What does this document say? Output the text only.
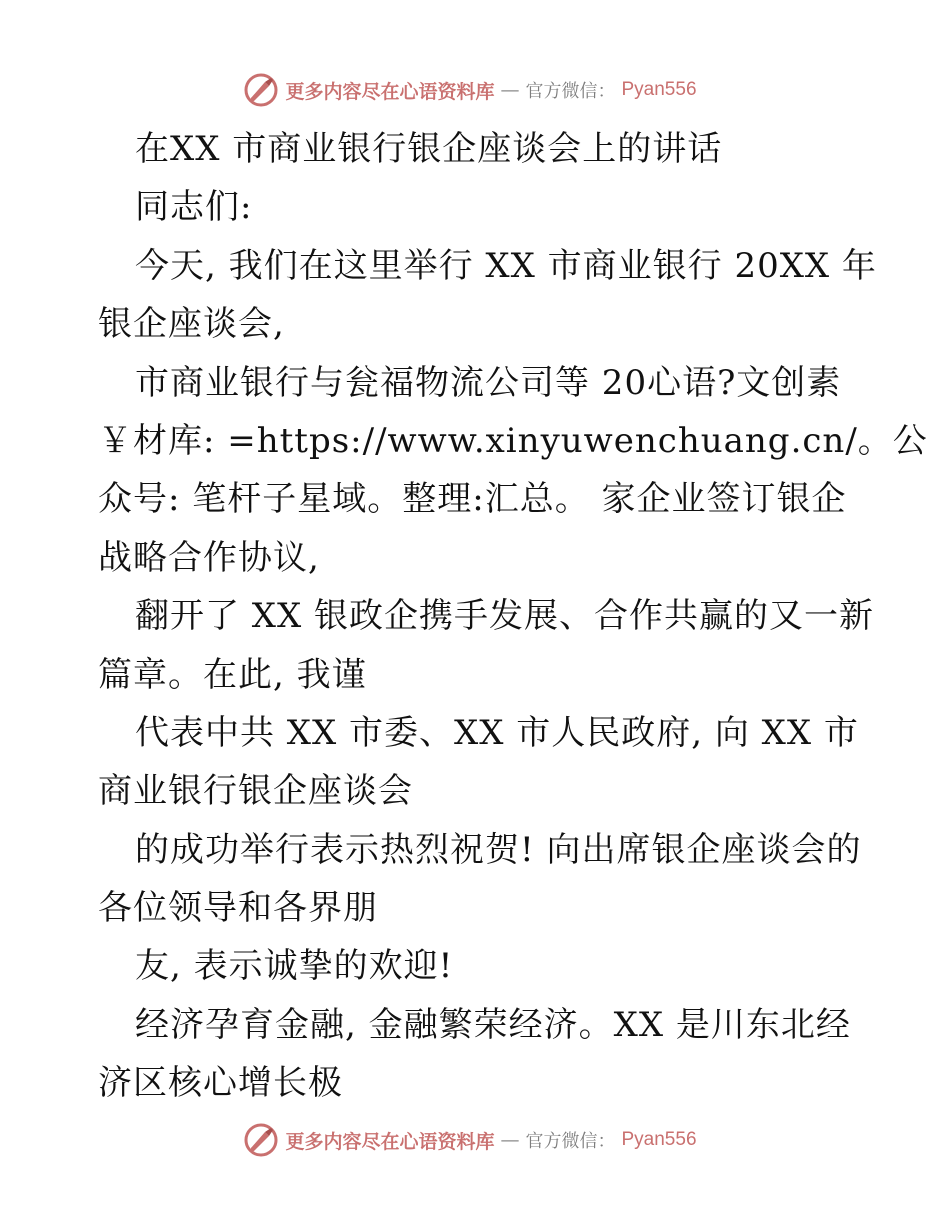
更多内容尽在心语资料库 — 官方微信： Pyan556
在XX 市商业银行银企座谈会上的讲话
同志们:
今天, 我们在这里举行 XX 市商业银行 20XX 年
银企座谈会,
市商业银行与瓮福物流公司等 20心语?文创素
￥材库: =https://www.xinyuwenchuang.cn/。公
众号: 笔杆子星域。整理:汇总。 家企业签订银企
战略合作协议,
翻开了 XX 银政企携手发展、合作共赢的又一新
篇章。在此, 我谨
代表中共 XX 市委、XX 市人民政府, 向 XX 市
商业银行银企座谈会
的成功举行表示热烈祝贺! 向出席银企座谈会的
各位领导和各界朋
友, 表示诚挚的欢迎!
经济孕育金融, 金融繁荣经济。XX 是川东北经
济区核心增长极
更多内容尽在心语资料库 — 官方微信： Pyan556
